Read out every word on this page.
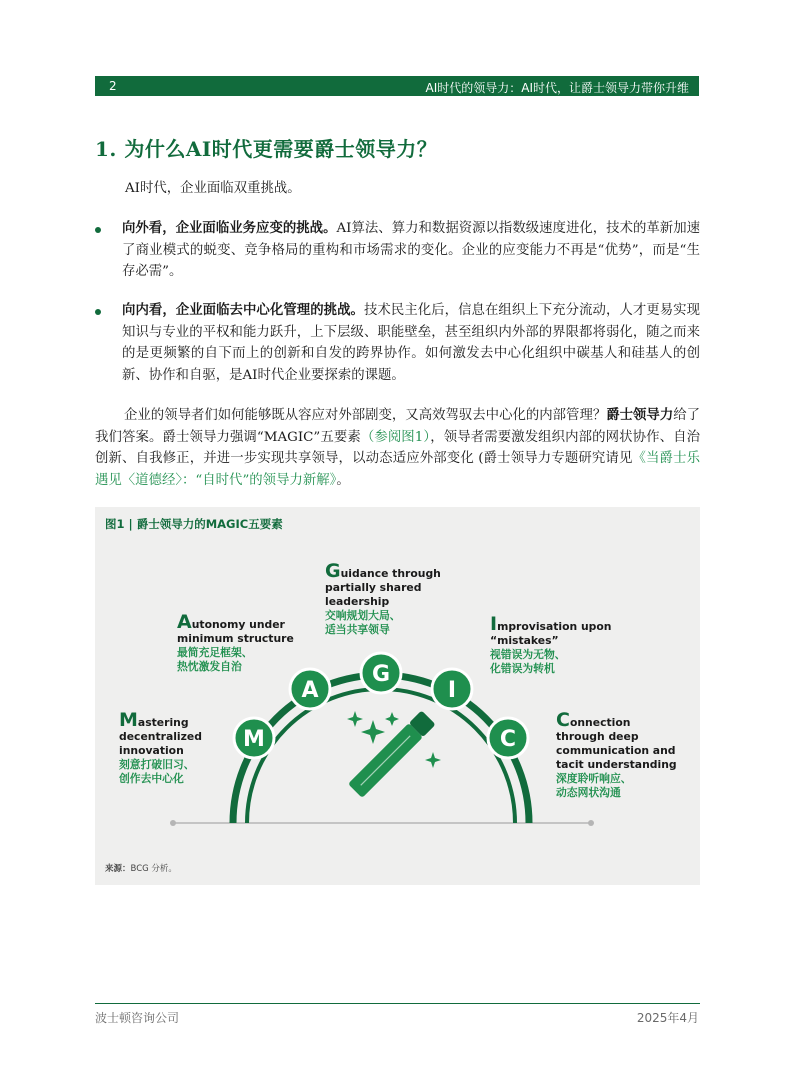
2	AI时代的领导力：AI时代，让爵士领导力带你升维
1. 为什么AI时代更需要爵士领导力？

AI时代，企业面临双重挑战。

向外看，企业面临业务应变的挑战。AI算法、算力和数据资源以指数级速度进化，技术的革新加速了商业模式的蜕变、竞争格局的重构和市场需求的变化。企业的应变能力不再是“优势”，而是“生存必需”。

向内看，企业面临去中心化管理的挑战。技术民主化后，信息在组织上下充分流动，人才更易实现知识与专业的平权和能力跃升，上下层级、职能壁垒，甚至组织内外部的界限都将弱化，随之而来的是更频繁的自下而上的创新和自发的跨界协作。如何激发去中心化组织中碳基人和硅基人的创新、协作和自驱，是AI时代企业要探索的课题。

企业的领导者们如何能够既从容应对外部剧变，又高效驾驭去中心化的内部管理？爵士领导力给了我们答案。爵士领导力强调“MAGIC”五要素（参阅图1），领导者需要激发组织内部的网状协作、自治创新、自我修正，并进一步实现共享领导，以动态适应外部变化 (爵士领导力专题研究请见《当爵士乐遇见〈道德经〉：“自时代”的领导力新解》。

图1 | 爵士领导力的MAGIC五要素
M
A
G
I
C
Mastering
decentralized
innovation
刻意打破旧习、
创作去中心化
Autonomy under
minimum structure
最简充足框架、
热忱激发自治
Guidance through
partially shared
leadership
交响规划大局、
适当共享领导	Improvisation upon
“mistakes”
视错误为无物、
化错误为转机
Connection
through deep
communication and
tacit understanding
深度聆听响应、
动态网状沟通
来源：BCG 分析。
波士顿咨询公司	2025年4月
